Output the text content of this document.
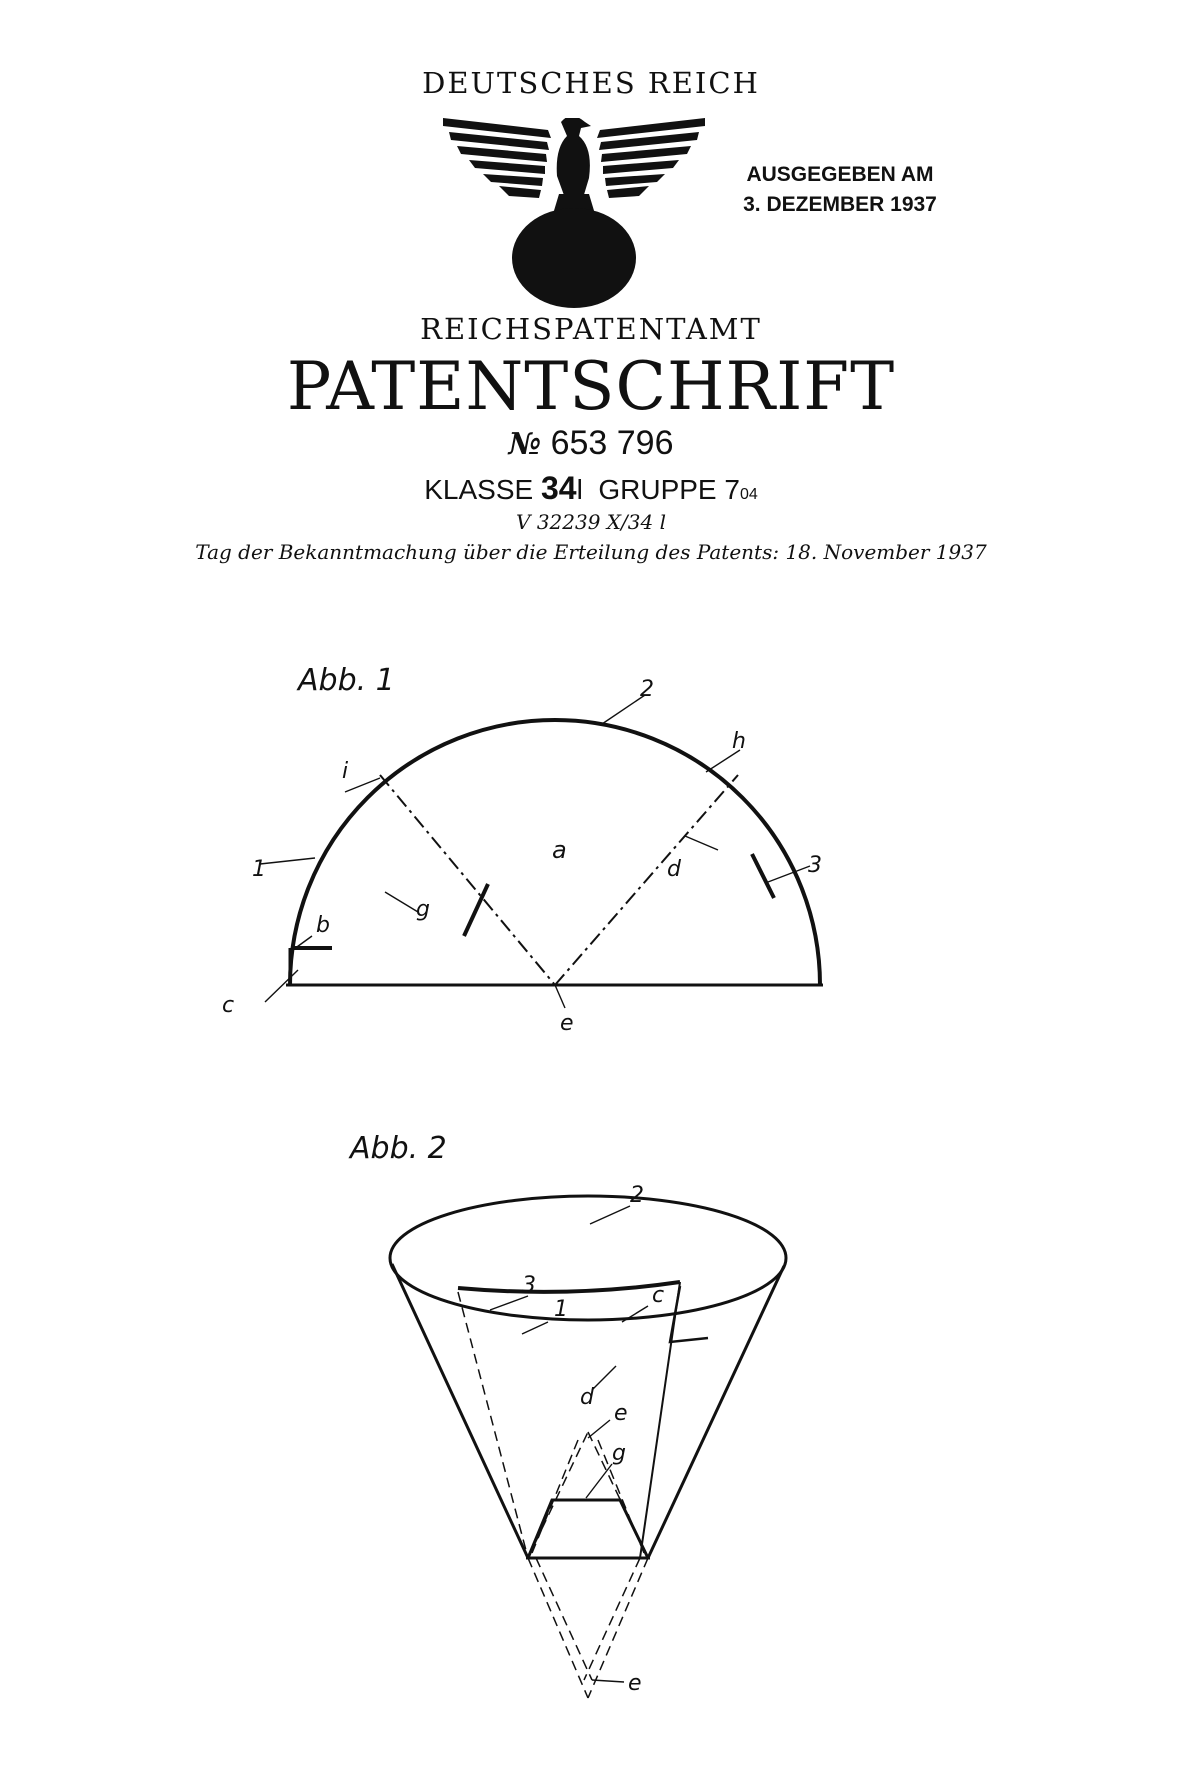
DEUTSCHES REICH
AUSGEGEBEN AM
3. DEZEMBER 1937
REICHSPATENTAMT
PATENTSCHRIFT
№ 653 796
KLASSE 34l GRUPPE 704
V 32239 X/34 l
Tag der Bekanntmachung über die Erteilung des Patents: 18. November 1937
Abb. 1
a
b
c
d
e
g
h
i
1
2
3
Abb. 2
2
3
1
c
d
e
g
e
